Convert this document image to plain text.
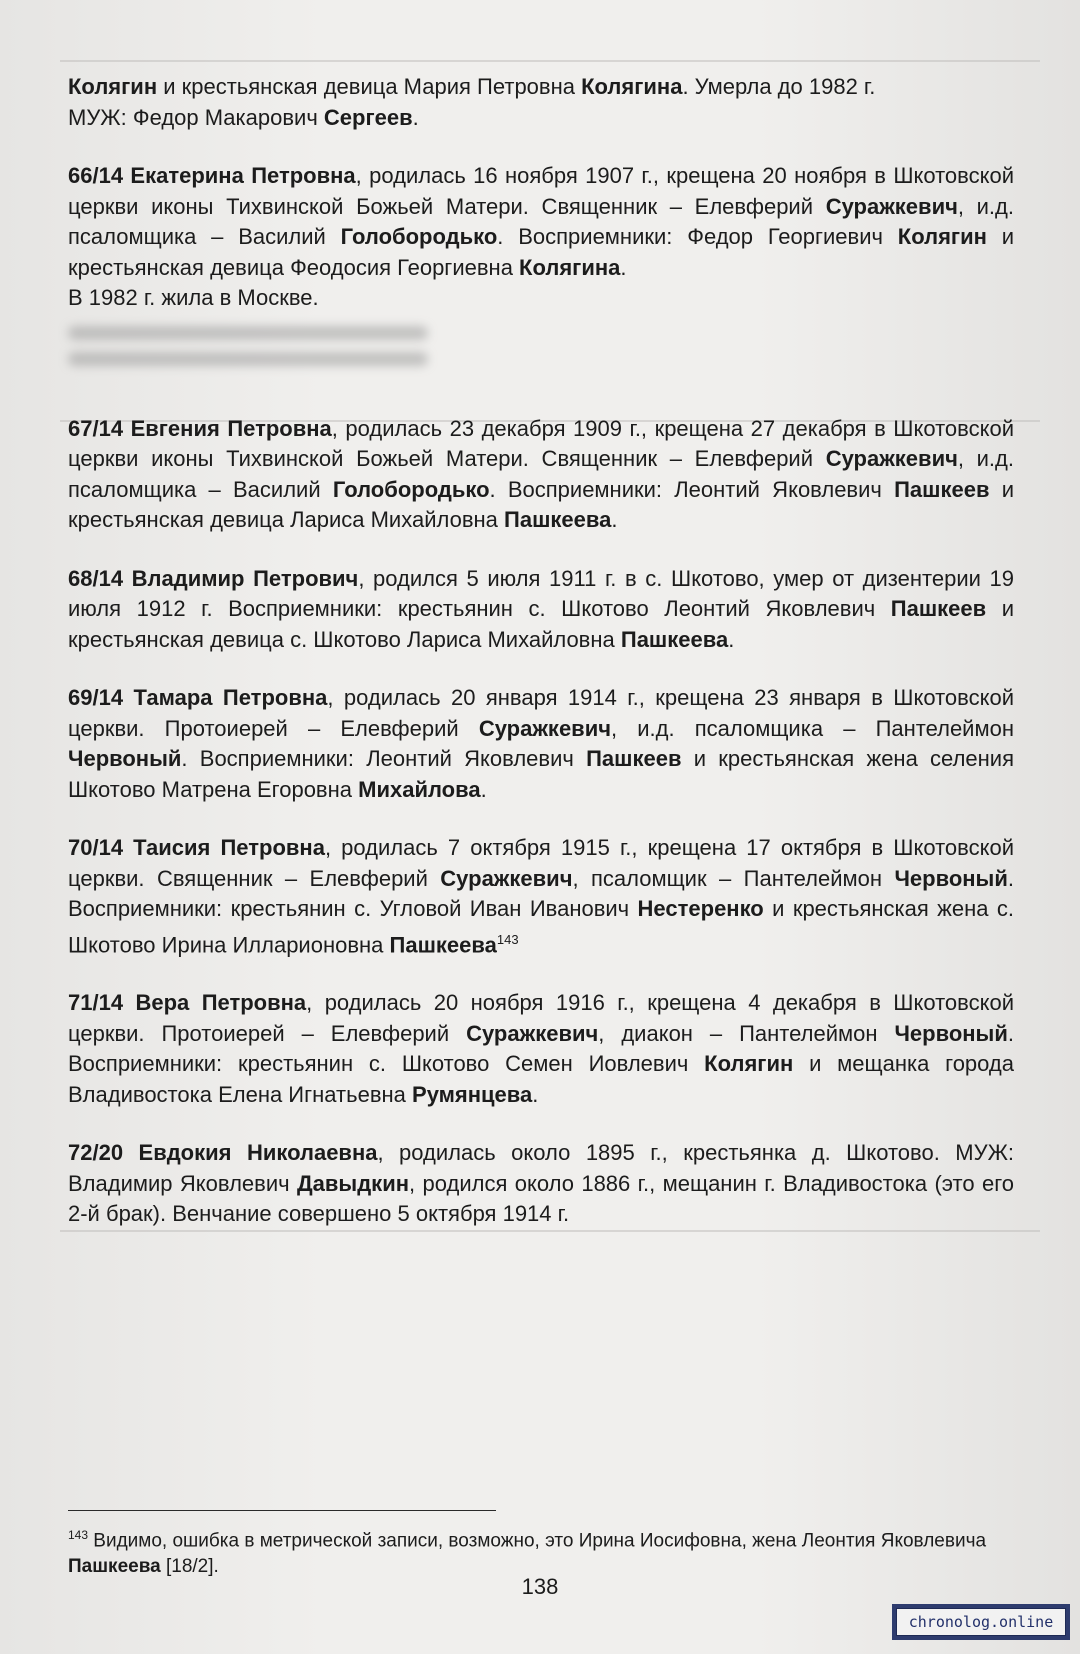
Колягин и крестьянская девица Мария Петровна Колягина. Умерла до 1982 г.

МУЖ: Федор Макарович Сергеев.

66/14 Екатерина Петровна, родилась 16 ноября 1907 г., крещена 20 ноября в Шкотовской церкви иконы Тихвинской Божьей Матери. Священник – Елевферий Суражкевич, и.д. псаломщика – Василий Голобородько. Восприемники: Федор Георгиевич Колягин и крестьянская девица Феодосия Георгиевна Колягина.

В 1982 г. жила в Москве.

67/14 Евгения Петровна, родилась 23 декабря 1909 г., крещена 27 декабря в Шкотовской церкви иконы Тихвинской Божьей Матери. Священник – Елевферий Суражкевич, и.д. псаломщика – Василий Голобородько. Восприемники: Леонтий Яковлевич Пашкеев и крестьянская девица Лариса Михайловна Пашкеева.

68/14 Владимир Петрович, родился 5 июля 1911 г. в с. Шкотово, умер от дизентерии 19 июля 1912 г. Восприемники: крестьянин с. Шкотово Леонтий Яковлевич Пашкеев и крестьянская девица с. Шкотово Лариса Михайловна Пашкеева.

69/14 Тамара Петровна, родилась 20 января 1914 г., крещена 23 января в Шкотовской церкви. Протоиерей – Елевферий Суражкевич, и.д. псаломщика – Пантелеймон Червоный. Восприемники: Леонтий Яковлевич Пашкеев и крестьянская жена селения Шкотово Матрена Егоровна Михайлова.

70/14 Таисия Петровна, родилась 7 октября 1915 г., крещена 17 октября в Шкотовской церкви. Священник – Елевферий Суражкевич, псаломщик – Пантелеймон Червоный. Восприемники: крестьянин с. Угловой Иван Иванович Нестеренко и крестьянская жена с. Шкотово Ирина Илларионовна Пашкеева$^{143}$

71/14 Вера Петровна, родилась 20 ноября 1916 г., крещена 4 декабря в Шкотовской церкви. Протоиерей – Елевферий Суражкевич, диакон – Пантелеймон Червоный. Восприемники: крестьянин с. Шкотово Семен Иовлевич Колягин и мещанка города Владивостока Елена Игнатьевна Румянцева.

72/20 Евдокия Николаевна, родилась около 1895 г., крестьянка д. Шкотово. МУЖ: Владимир Яковлевич Давыдкин, родился около 1886 г., мещанин г. Владивостока (это его 2-й брак). Венчание совершено 5 октября 1914 г.

$^{143}$ Видимо, ошибка в метрической записи, возможно, это Ирина Иосифовна, жена Леонтия Яковлевича Пашкеева [18/2].
138
chronolog.online
